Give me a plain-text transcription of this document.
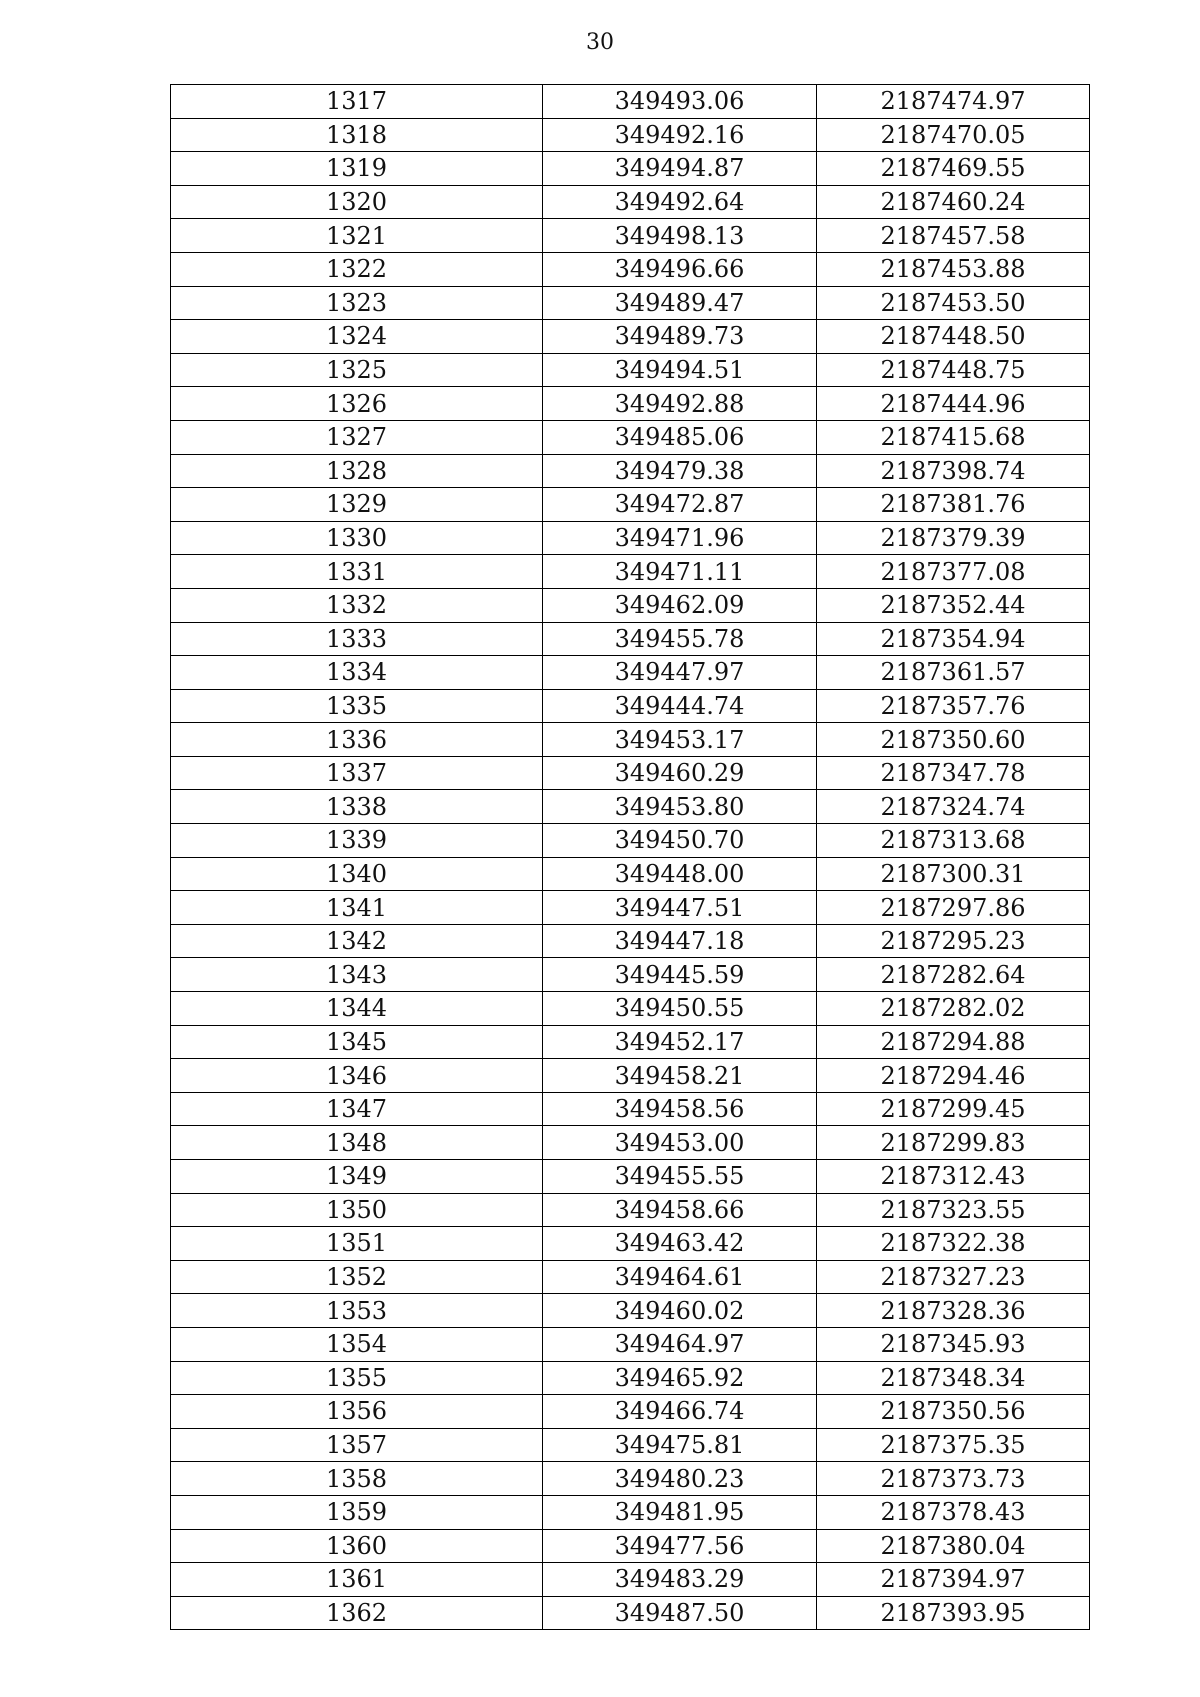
30
1317	349493.06	2187474.97
1318	349492.16	2187470.05
1319	349494.87	2187469.55
1320	349492.64	2187460.24
1321	349498.13	2187457.58
1322	349496.66	2187453.88
1323	349489.47	2187453.50
1324	349489.73	2187448.50
1325	349494.51	2187448.75
1326	349492.88	2187444.96
1327	349485.06	2187415.68
1328	349479.38	2187398.74
1329	349472.87	2187381.76
1330	349471.96	2187379.39
1331	349471.11	2187377.08
1332	349462.09	2187352.44
1333	349455.78	2187354.94
1334	349447.97	2187361.57
1335	349444.74	2187357.76
1336	349453.17	2187350.60
1337	349460.29	2187347.78
1338	349453.80	2187324.74
1339	349450.70	2187313.68
1340	349448.00	2187300.31
1341	349447.51	2187297.86
1342	349447.18	2187295.23
1343	349445.59	2187282.64
1344	349450.55	2187282.02
1345	349452.17	2187294.88
1346	349458.21	2187294.46
1347	349458.56	2187299.45
1348	349453.00	2187299.83
1349	349455.55	2187312.43
1350	349458.66	2187323.55
1351	349463.42	2187322.38
1352	349464.61	2187327.23
1353	349460.02	2187328.36
1354	349464.97	2187345.93
1355	349465.92	2187348.34
1356	349466.74	2187350.56
1357	349475.81	2187375.35
1358	349480.23	2187373.73
1359	349481.95	2187378.43
1360	349477.56	2187380.04
1361	349483.29	2187394.97
1362	349487.50	2187393.95
